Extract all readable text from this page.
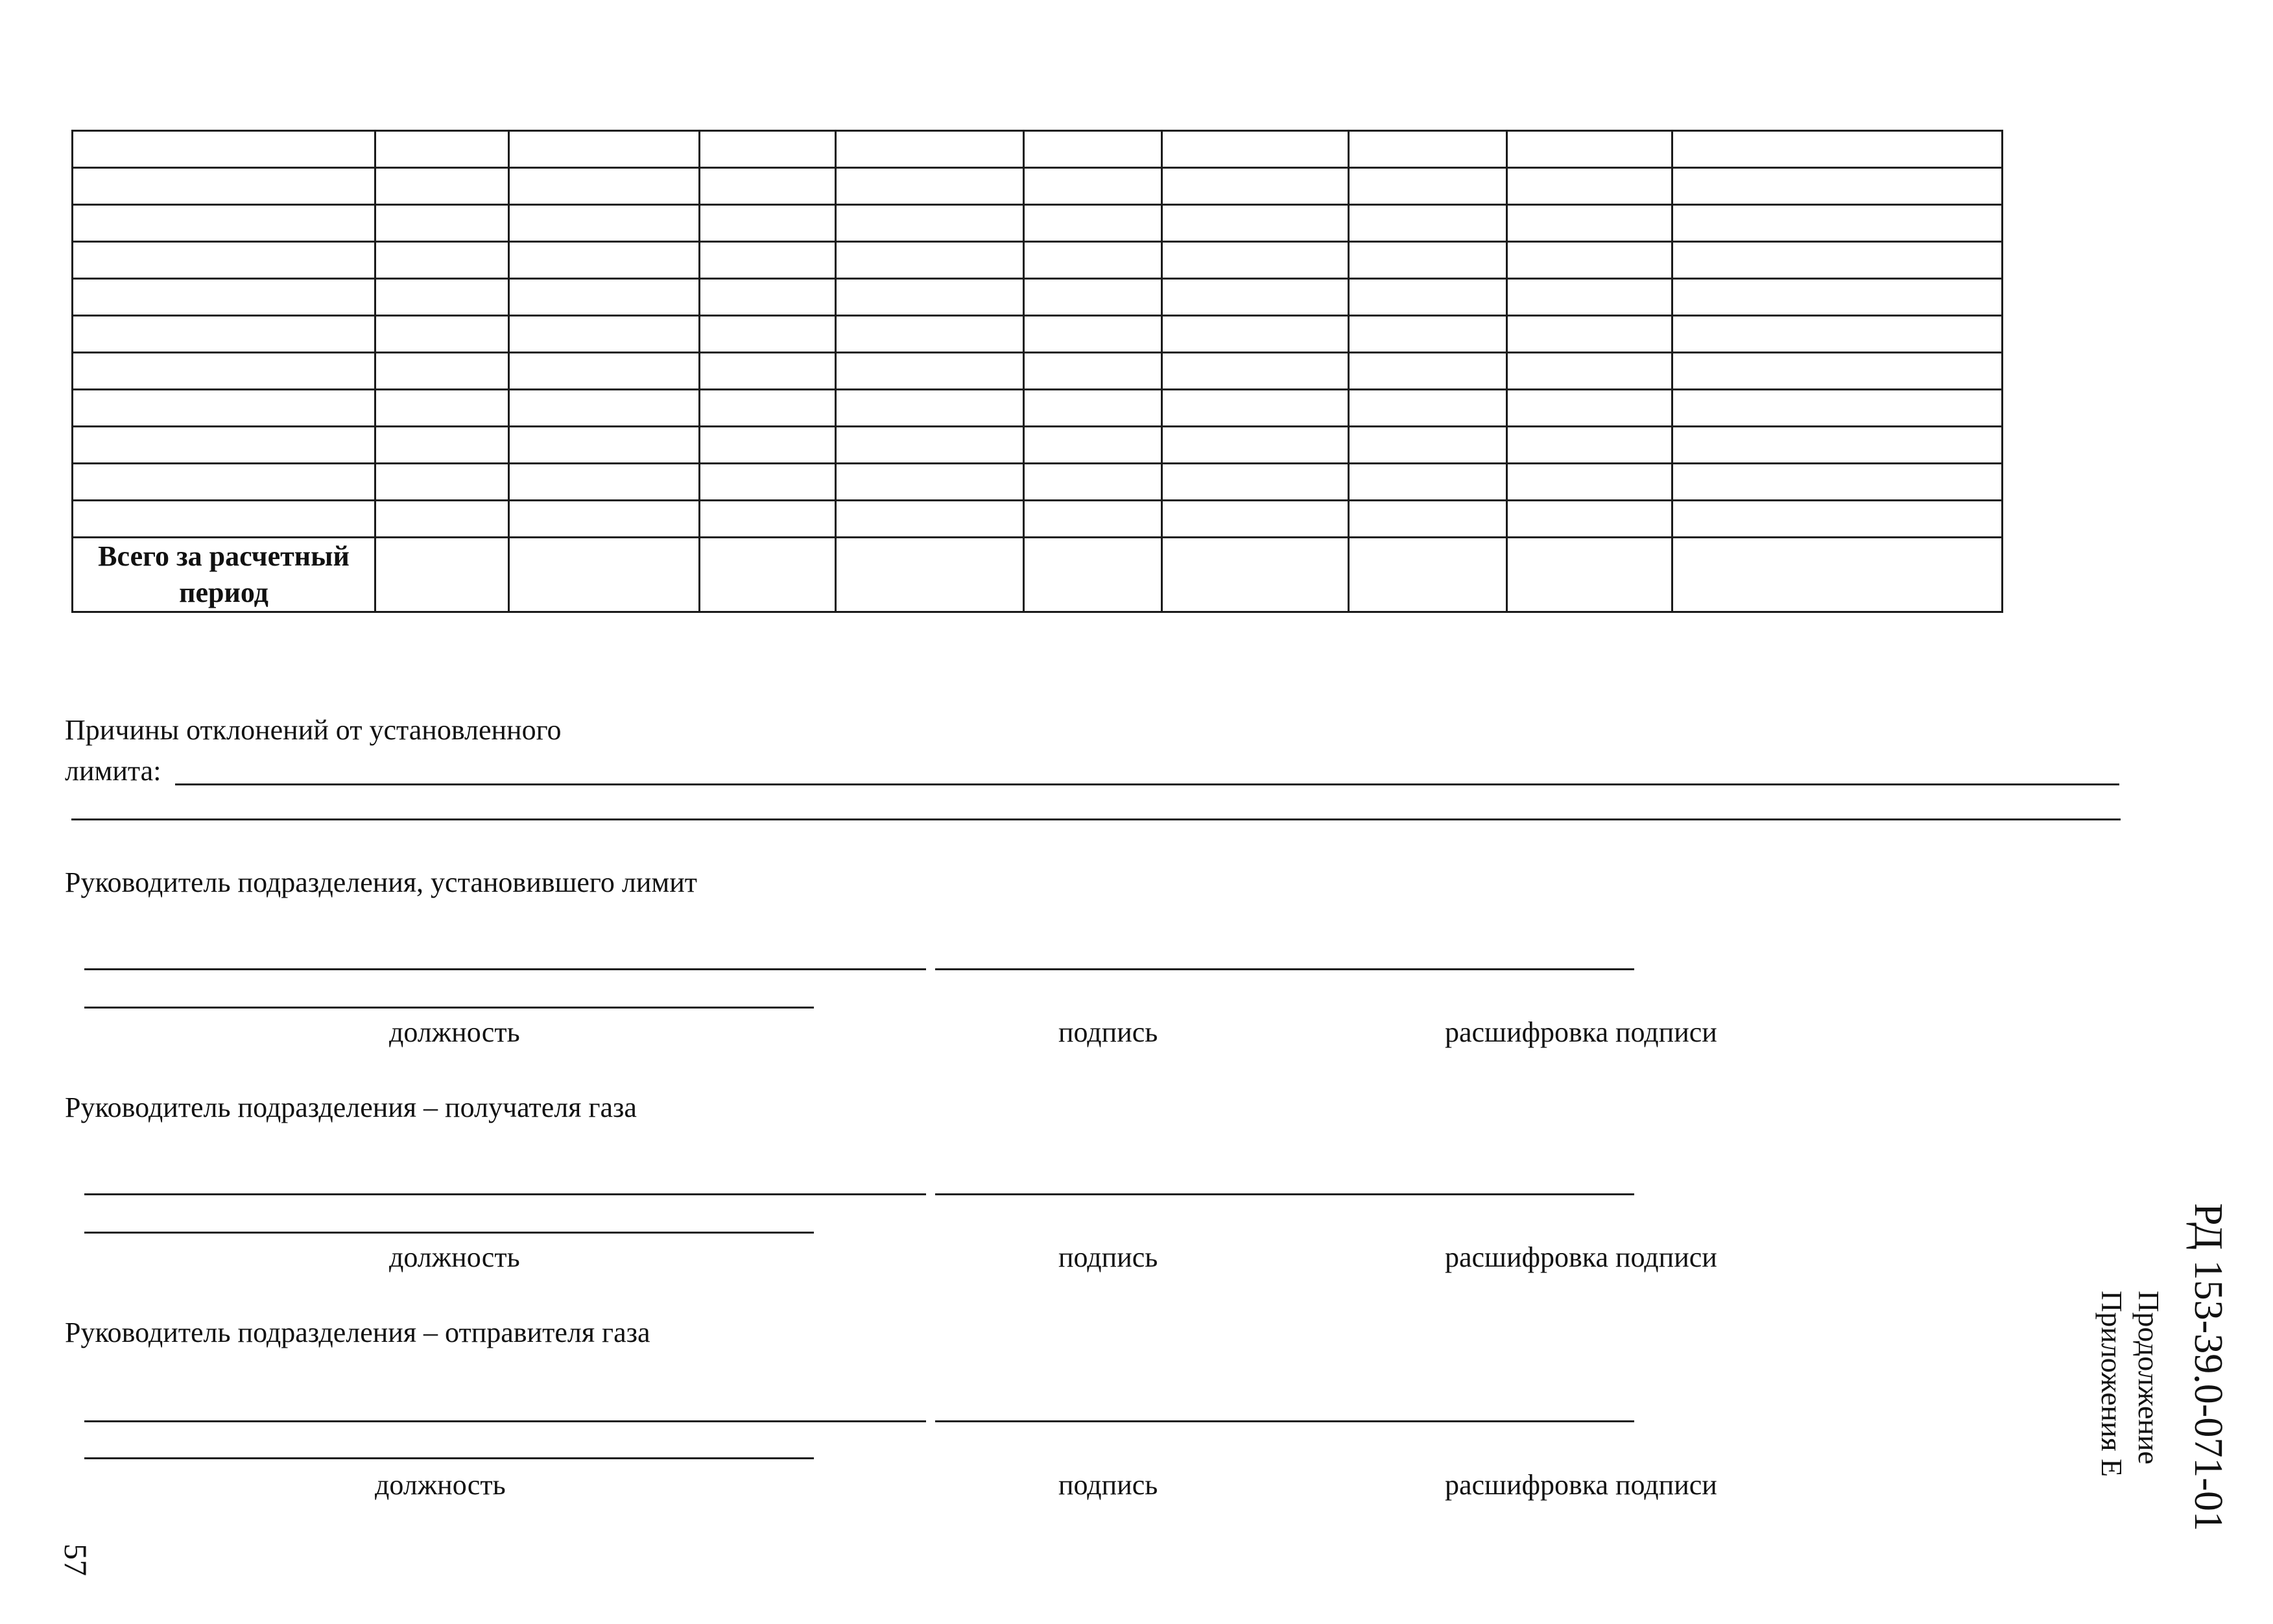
Всего за расчетный период									
Причины отклонений от установленного
лимита:
Руководитель подразделения, установившего лимит
должность	подпись	расшифровка подписи
Руководитель подразделения – получателя газа
должность	подпись	расшифровка подписи
Руководитель подразделения – отправителя газа
должность	подпись	расшифровка подписи	РД 153-39.0-071-01
Продолжение
Приложения Е
57
